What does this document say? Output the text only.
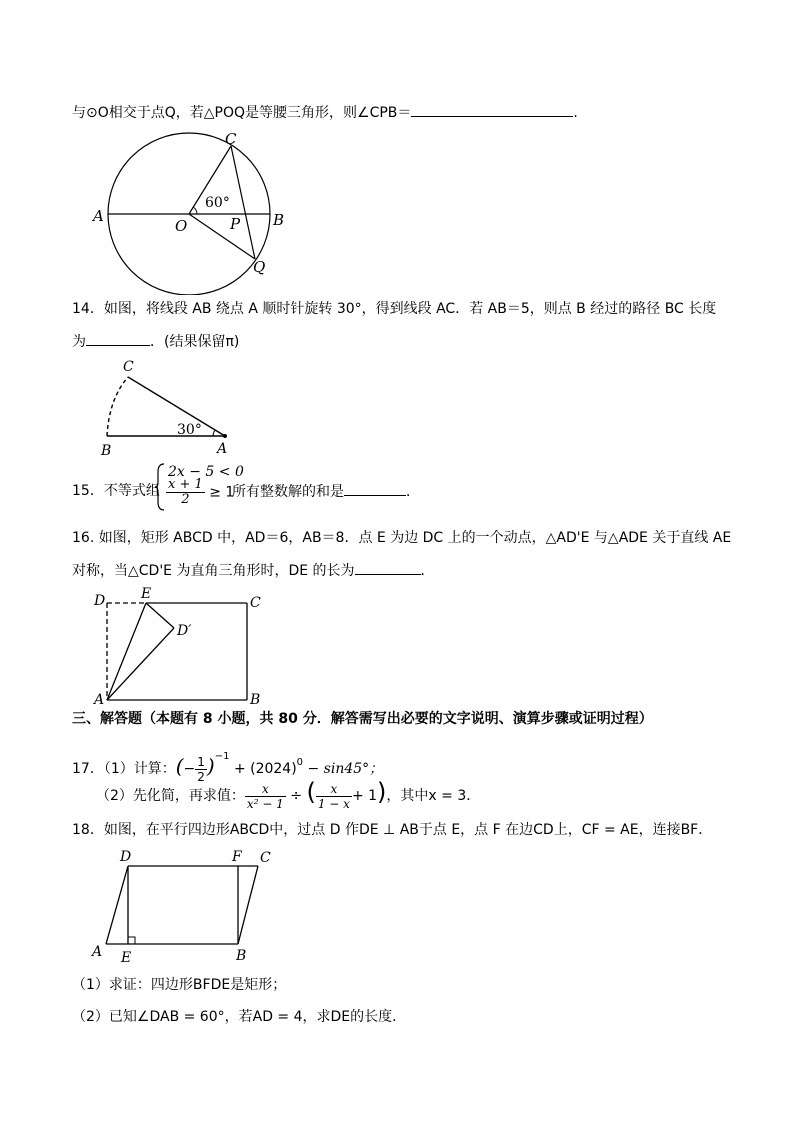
与⊙O相交于点Q，若△POQ是等腰三角形，则∠CPB＝	.
C
A
O	P B
Q
60°
14．如图，将线段 AB 绕点 A 顺时针旋转 30°，得到线段 AC．若 AB＝5，则点 B 经过的路径 BC 长度
为	．(结果保留π)
C
B	A
30°
15．不等式组
2x − 5 < 0
$\frac{x + 1}{2} \ge 1$
所有整数解的和是	．
16. 如图，矩形 ABCD 中，AD＝6，AB＝8．点 E 为边 DC 上的一个动点，△AD'E 与△ADE 关于直线 AE
对称，当△CD'E 为直角三角形时，DE 的长为	．
D	E
C
D′
A	B
三、解答题（本题有 8 小题，共 80 分．解答需写出必要的文字说明、演算步骤或证明过程）
17．（1）计算：(− $\frac{1}{2} )^{-1} + (2024)^0 - \sin 45^\circ$；
（2）先化简，再求值： $\frac{x}{\text{x² − 1}}$ ÷ ( $\frac{x}{1 - x} + 1$)，其中x = 3．
18．如图，在平行四边形ABCD中，过点 D 作DE ⊥ AB于点 E，点 F 在边CD上，CF = AE，连接BF．
D	F C
A E	B
（1）求证：四边形BFDE是矩形；
（2）已知∠DAB = 60°，若AD = 4，求DE的长度．
